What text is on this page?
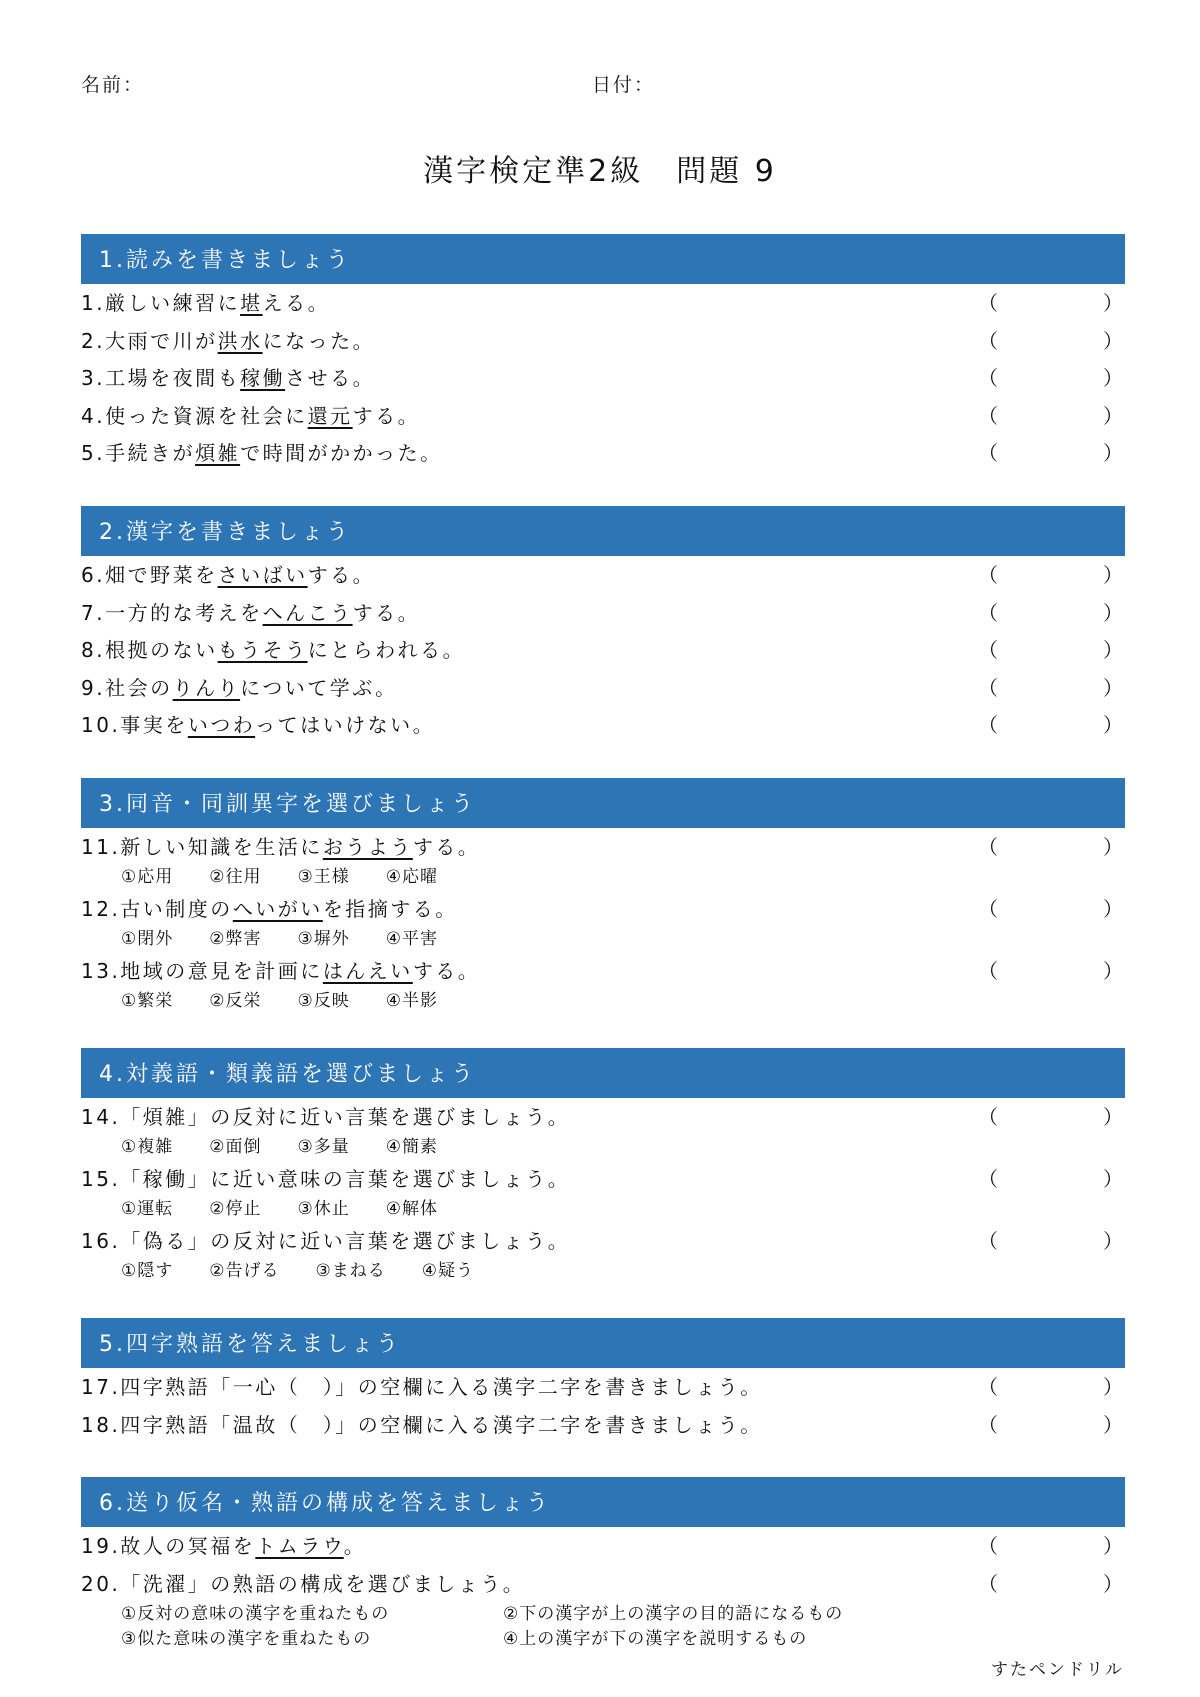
名前：	日付：
漢字検定準2級　問題 9
1.読みを書きましょう
1.厳しい練習に堪える。	（	）
2.大雨で川が洪水になった。	（	）
3.工場を夜間も稼働させる。	（	）
4.使った資源を社会に還元する。	（	）
5.手続きが煩雑で時間がかかった。	（	）
2.漢字を書きましょう
6.畑で野菜をさいばいする。	（	）
7.一方的な考えをへんこうする。	（	）
8.根拠のないもうそうにとらわれる。	（	）
9.社会のりんりについて学ぶ。	（	）
10.事実をいつわってはいけない。	（	）
3.同音・同訓異字を選びましょう
11.新しい知識を生活におうようする。	（	）
①応用 ②往用 ③王様 ④応曜
12.古い制度のへいがいを指摘する。	（	）
①閉外 ②弊害 ③塀外 ④平害
13.地域の意見を計画にはんえいする。	（	）
①繁栄 ②反栄 ③反映 ④半影
4.対義語・類義語を選びましょう
14.「煩雑」の反対に近い言葉を選びましょう。	（	）
①複雑 ②面倒 ③多量 ④簡素
15.「稼働」に近い意味の言葉を選びましょう。	（	）
①運転 ②停止 ③休止 ④解体
16.「偽る」の反対に近い言葉を選びましょう。	（	）
①隠す ②告げる ③まねる ④疑う
5.四字熟語を答えましょう
17.四字熟語「一心（　）」の空欄に入る漢字二字を書きましょう。	（	）
18.四字熟語「温故（　）」の空欄に入る漢字二字を書きましょう。	（	）
6.送り仮名・熟語の構成を答えましょう
19.故人の冥福をトムラウ。	（	）
20.「洗濯」の熟語の構成を選びましょう。	（	）
①反対の意味の漢字を重ねたもの	②下の漢字が上の漢字の目的語になるもの
③似た意味の漢字を重ねたもの	④上の漢字が下の漢字を説明するもの
すたペンドリル
